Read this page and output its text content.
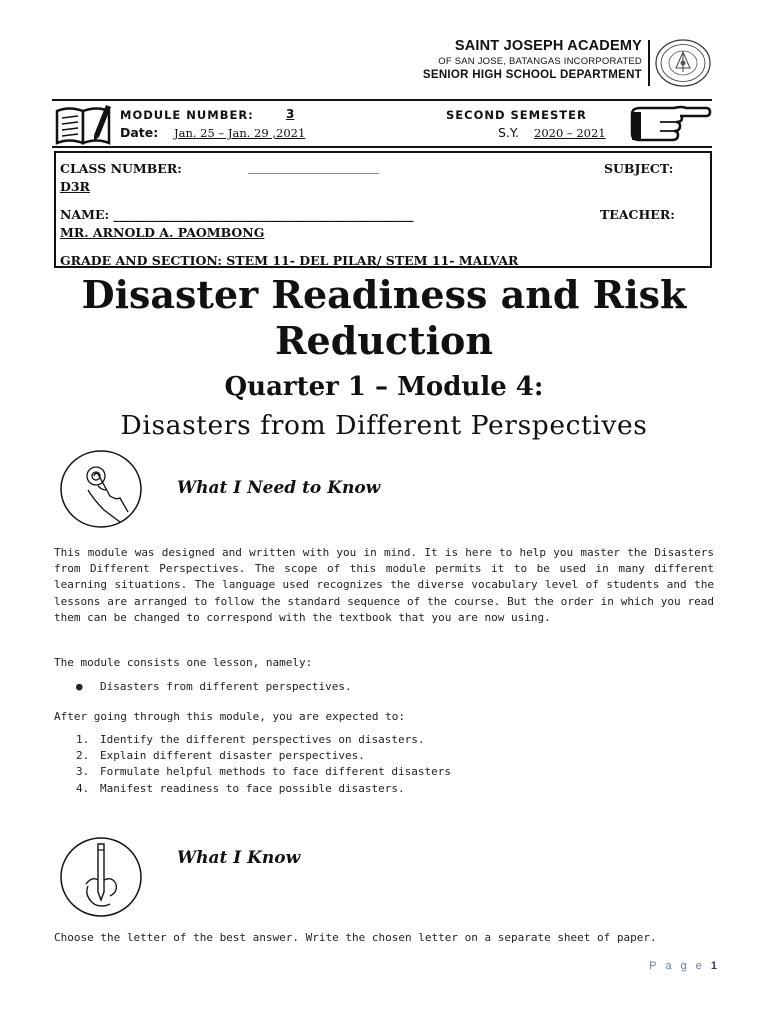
SAINT JOSEPH ACADEMY
OF SAN JOSE, BATANGAS INCORPORATED
SENIOR HIGH SCHOOL DEPARTMENT
MODULE NUMBER:	3
Date: Jan. 25 – Jan. 29 ,2021
SECOND SEMESTER
S.Y. 2020 – 2021
CLASS NUMBER:	_____________________	SUBJECT:
D3R
NAME: ________________________________________________	TEACHER:
MR. ARNOLD A. PAOMBONG
GRADE AND SECTION: STEM 11- DEL PILAR/ STEM 11- MALVAR
Disaster Readiness and Risk
Reduction
Quarter 1 – Module 4:
Disasters from Different Perspectives
What I Need to Know
This module was designed and written with you in mind. It is here to help you master the Disasters from Different Perspectives. The scope of this module permits it to be used in many different learning situations. The language used recognizes the diverse vocabulary level of students and the lessons are arranged to follow the standard sequence of the course. But the order in which you read them can be changed to correspond with the textbook that you are now using.
The module consists one lesson, namely:
● Disasters from different perspectives.
After going through this module, you are expected to:
1. Identify the different perspectives on disasters.
2. Explain different disaster perspectives.
3. Formulate helpful methods to face different disasters
4. Manifest readiness to face possible disasters.
What I Know
Choose the letter of the best answer. Write the chosen letter on a separate sheet of paper.
P a g e 1
